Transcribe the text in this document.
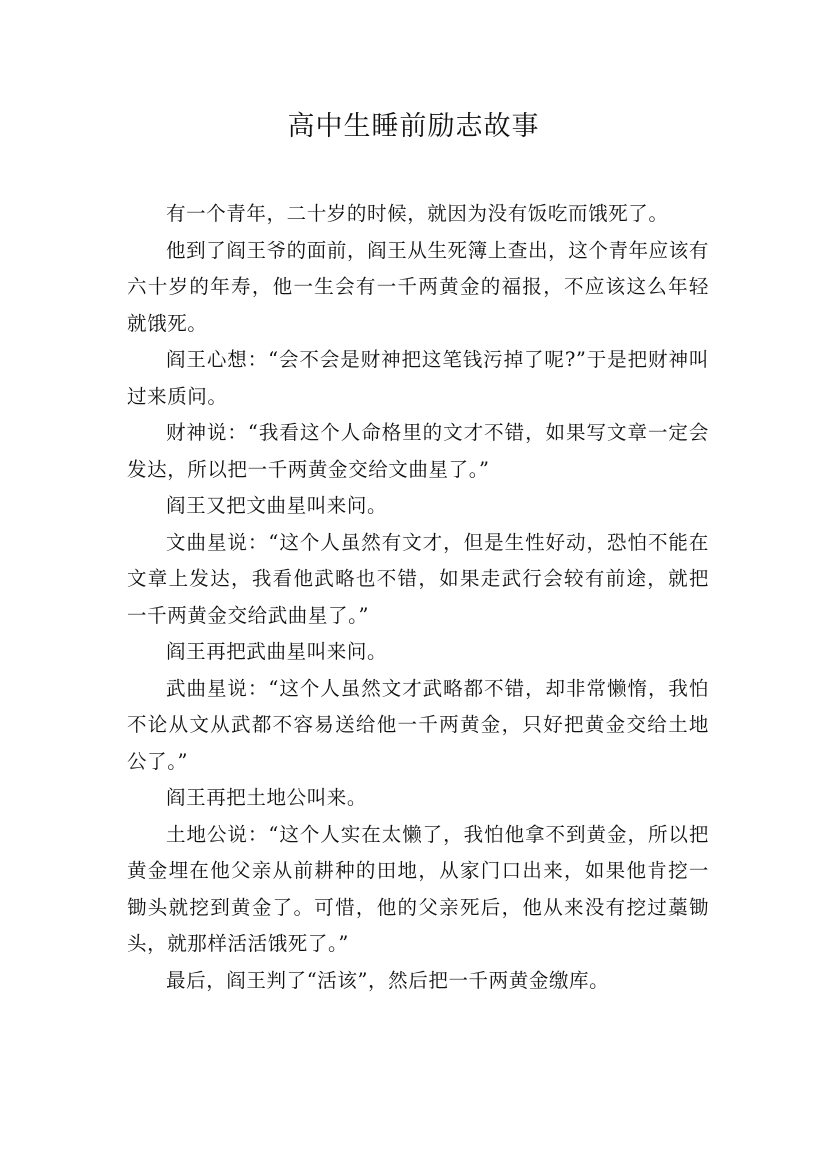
高中生睡前励志故事

有一个青年，二十岁的时候，就因为没有饭吃而饿死了。

他到了阎王爷的面前，阎王从生死簿上查出，这个青年应该有六十岁的年寿，他一生会有一千两黄金的福报，不应该这么年轻就饿死。

阎王心想：“会不会是财神把这笔钱污掉了呢?”于是把财神叫过来质问。

财神说：“我看这个人命格里的文才不错，如果写文章一定会发达，所以把一千两黄金交给文曲星了。”

阎王又把文曲星叫来问。

文曲星说：“这个人虽然有文才，但是生性好动，恐怕不能在文章上发达，我看他武略也不错，如果走武行会较有前途，就把一千两黄金交给武曲星了。”

阎王再把武曲星叫来问。

武曲星说：“这个人虽然文才武略都不错，却非常懒惰，我怕不论从文从武都不容易送给他一千两黄金，只好把黄金交给土地公了。”

阎王再把土地公叫来。

土地公说：“这个人实在太懒了，我怕他拿不到黄金，所以把黄金埋在他父亲从前耕种的田地，从家门口出来，如果他肯挖一锄头就挖到黄金了。可惜，他的父亲死后，他从来没有挖过藁锄头，就那样活活饿死了。”

最后，阎王判了“活该”，然后把一千两黄金缴库。
